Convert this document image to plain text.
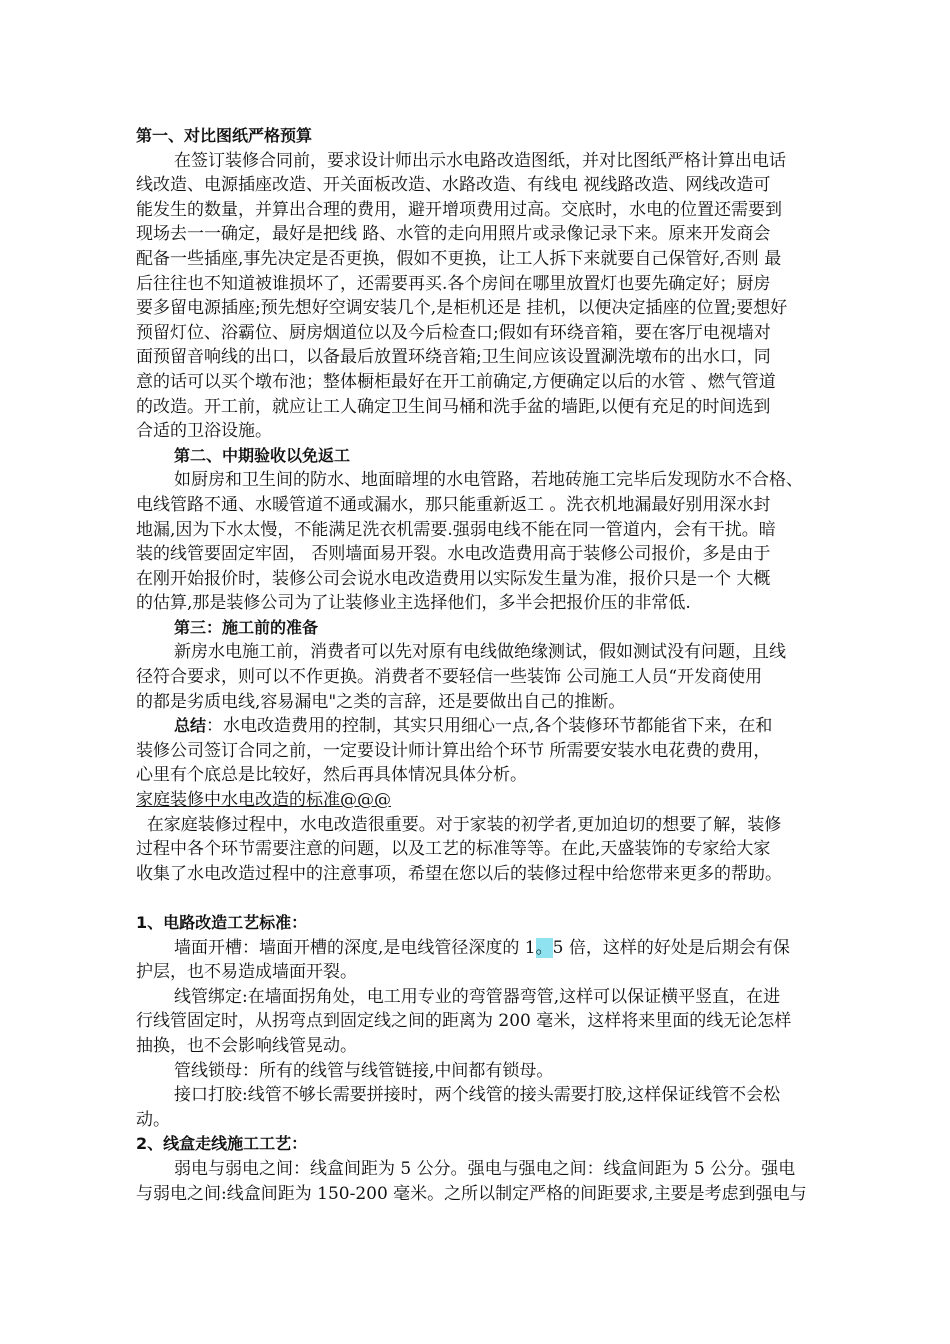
第一、对比图纸严格预算
在签订装修合同前，要求设计师出示水电路改造图纸，并对比图纸严格计算出电话
线改造、电源插座改造、开关面板改造、水路改造、有线电 视线路改造、网线改造可
能发生的数量，并算出合理的费用，避开增项费用过高。交底时，水电的位置还需要到
现场去一一确定，最好是把线 路、水管的走向用照片或录像记录下来。原来开发商会
配备一些插座,事先决定是否更换，假如不更换，让工人拆下来就要自己保管好,否则 最
后往往也不知道被谁损坏了，还需要再买.各个房间在哪里放置灯也要先确定好；厨房
要多留电源插座;预先想好空调安装几个,是柜机还是 挂机，以便决定插座的位置;要想好
预留灯位、浴霸位、厨房烟道位以及今后检查口;假如有环绕音箱，要在客厅电视墙对
面预留音响线的出口，以备最后放置环绕音箱;卫生间应该设置涮洗墩布的出水口，同
意的话可以买个墩布池；整体橱柜最好在开工前确定,方便确定以后的水管 、燃气管道
的改造。开工前，就应让工人确定卫生间马桶和洗手盆的墙距,以便有充足的时间选到
合适的卫浴设施。
第二、中期验收以免返工
如厨房和卫生间的防水、地面暗埋的水电管路，若地砖施工完毕后发现防水不合格、
电线管路不通、水暖管道不通或漏水，那只能重新返工 。洗衣机地漏最好别用深水封
地漏,因为下水太慢，不能满足洗衣机需要.强弱电线不能在同一管道内，会有干扰。暗
装的线管要固定牢固， 否则墙面易开裂。水电改造费用高于装修公司报价，多是由于
在刚开始报价时，装修公司会说水电改造费用以实际发生量为准，报价只是一个 大概
的估算,那是装修公司为了让装修业主选择他们，多半会把报价压的非常低.
第三：施工前的准备
新房水电施工前，消费者可以先对原有电线做绝缘测试，假如测试没有问题，且线
径符合要求，则可以不作更换。消费者不要轻信一些装饰 公司施工人员“开发商使用
的都是劣质电线,容易漏电"之类的言辞，还是要做出自己的推断。
总结：水电改造费用的控制，其实只用细心一点,各个装修环节都能省下来，在和
装修公司签订合同之前，一定要设计师计算出给个环节 所需要安装水电花费的费用，
心里有个底总是比较好，然后再具体情况具体分析。
家庭装修中水电改造的标准@@@
在家庭装修过程中，水电改造很重要。对于家装的初学者,更加迫切的想要了解，装修
过程中各个环节需要注意的问题，以及工艺的标准等等。在此,天盛装饰的专家给大家
收集了水电改造过程中的注意事项，希望在您以后的装修过程中给您带来更多的帮助。
1、电路改造工艺标准：
墙面开槽：墙面开槽的深度,是电线管径深度的 1。5 倍，这样的好处是后期会有保
护层，也不易造成墙面开裂。
线管绑定:在墙面拐角处，电工用专业的弯管器弯管,这样可以保证横平竖直，在进
行线管固定时，从拐弯点到固定线之间的距离为 200 毫米，这样将来里面的线无论怎样
抽换，也不会影响线管晃动。
管线锁母：所有的线管与线管链接,中间都有锁母。
接口打胶:线管不够长需要拼接时，两个线管的接头需要打胶,这样保证线管不会松
动。
2、线盒走线施工工艺：
弱电与弱电之间：线盒间距为 5 公分。强电与强电之间：线盒间距为 5 公分。强电
与弱电之间:线盒间距为 150-200 毫米。之所以制定严格的间距要求,主要是考虑到强电与
